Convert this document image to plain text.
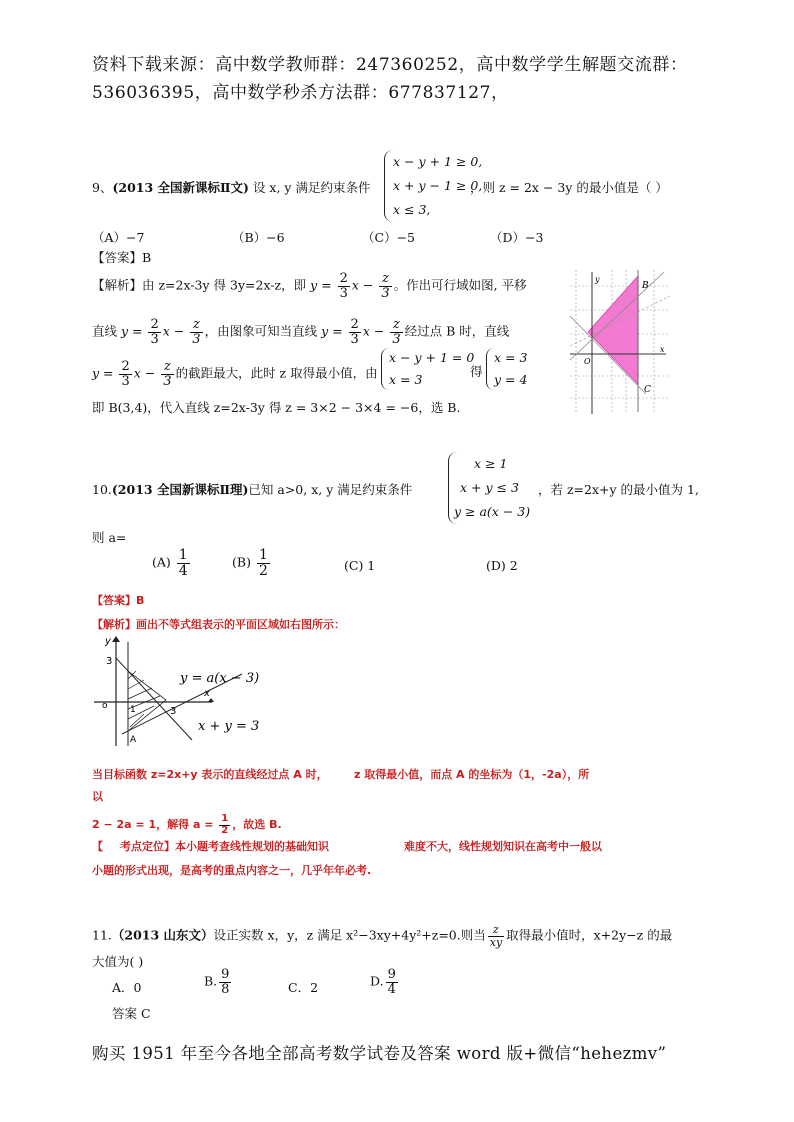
资料下载来源：高中数学教师群：247360252，高中数学学生解题交流群：
536036395，高中数学秒杀方法群：677837127，
9、(2013 全国新课标Ⅱ文) 设 x, y 满足约束条件
x − y + 1 ≥ 0,
x + y − 1 ≥ 0,
x ≤ 3,
，则 z = 2x − 3y 的最小值是（ ）
（A）−7	（B）−6	（C）−5	（D）−3
【答案】B
【解析】由 z=2x-3y 得 3y=2x-z，即 $y = \frac{2}{3}$ $x - \frac{z}{3}$ 。作出可行域如图, 平移
直线 $y = \frac{2}{3}$ $x - \frac{z}{3}$ ，由图象可知当直线 $y = \frac{2}{3}$ $x - \frac{z}{3}$ 经过点 B 时，直线
$y = \frac{2}{3}$ $x - \frac{z}{3}$ 的截距最大，此时 z 取得最小值，由
x − y + 1 = 0
x = 3
得
x = 3
y = 4
即 B(3,4)，代入直线 z=2x-3y 得 z = 3×2 − 3×4 = −6，选 B.
B
C
O
x
y
10.(2013 全国新课标Ⅱ理)已知 a>0, x, y 满足约束条件
x ≥ 1
x + y ≤ 3
y ≥ a(x − 3)
，若 z=2x+y 的最小值为 1,
则 a=
$(A) \frac{1}{4}$	$(B) \frac{1}{2}$	(C) 1	(D) 2
【答案】B
【解析】画出不等式组表示的平面区域如右图所示：
y
x
3
3
o 1
A
y = a(x − 3)
x + y = 3
当目标函数 z=2x+y 表示的直线经过点 A 时， z 取得最小值，而点 A 的坐标为（1，-2a），所
以
2 − 2a = 1，解得 $a = \frac{1}{2}$ ，故选 B.
【 考点定位】本小题考查线性规划的基础知识	难度不大，线性规划知识在高考中一般以
小题的形式出现，是高考的重点内容之一，几乎年年必考.
11.（2013 山东文）设正实数 x，y，z 满足 x²−3xy+4y²+z=0.则当 $\frac{z}{xy}$ 取得最小值时，x+2y−z 的最
大值为( )
A．0	B. $\frac{9}{8}$	C．2	D. $\frac{9}{4}$
答案 C
购买 1951 年至今各地全部高考数学试卷及答案 word 版+微信“hehezmv”
